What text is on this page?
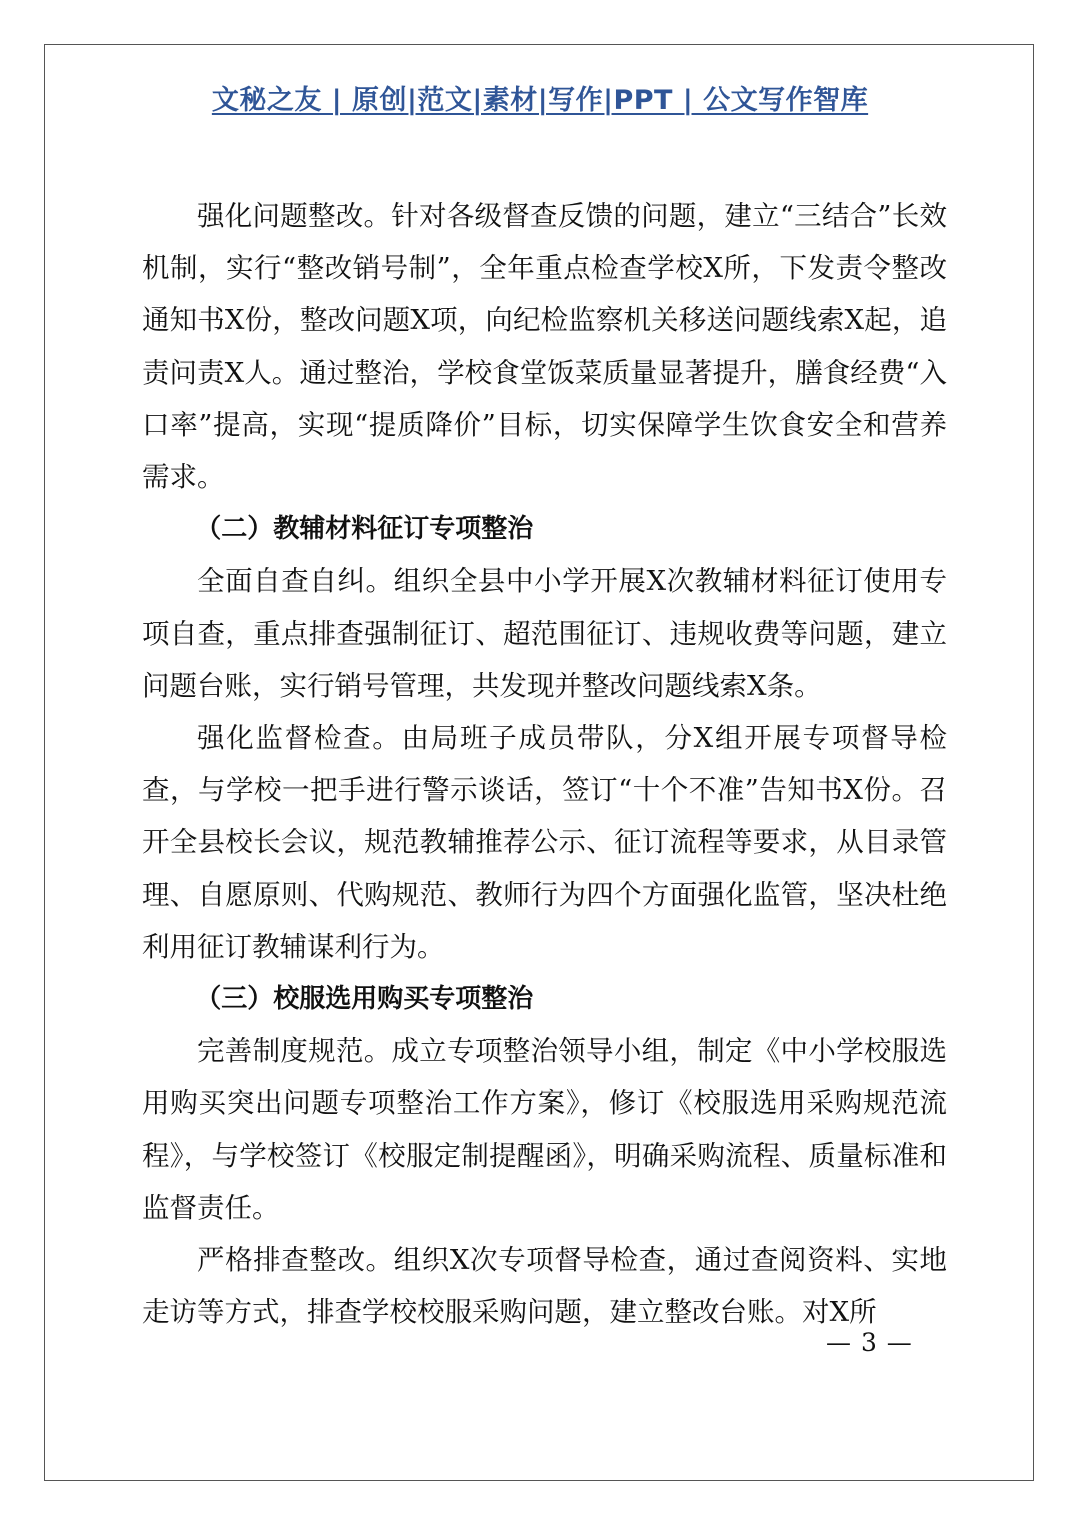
文秘之友 | 原创|范文|素材|写作|PPT | 公文写作智库

强化问题整改。针对各级督查反馈的问题，建立“三结合”长效机制，实行“整改销号制”，全年重点检查学校X所，下发责令整改通知书X份，整改问题X项，向纪检监察机关移送问题线索X起，追责问责X人。通过整治，学校食堂饭菜质量显著提升，膳食经费“入口率”提高，实现“提质降价”目标，切实保障学生饮食安全和营养需求。

（二）教辅材料征订专项整治

全面自查自纠。组织全县中小学开展X次教辅材料征订使用专项自查，重点排查强制征订、超范围征订、违规收费等问题，建立问题台账，实行销号管理，共发现并整改问题线索X条。

强化监督检查。由局班子成员带队，分X组开展专项督导检查，与学校一把手进行警示谈话，签订“十个不准”告知书X份。召开全县校长会议，规范教辅推荐公示、征订流程等要求，从目录管理、自愿原则、代购规范、教师行为四个方面强化监管，坚决杜绝利用征订教辅谋利行为。

（三）校服选用购买专项整治

完善制度规范。成立专项整治领导小组，制定《中小学校服选用购买突出问题专项整治工作方案》，修订《校服选用采购规范流程》，与学校签订《校服定制提醒函》，明确采购流程、质量标准和监督责任。

严格排查整改。组织X次专项督导检查，通过查阅资料、实地走访等方式，排查学校校服采购问题，建立整改台账。对X所

— 3 —
